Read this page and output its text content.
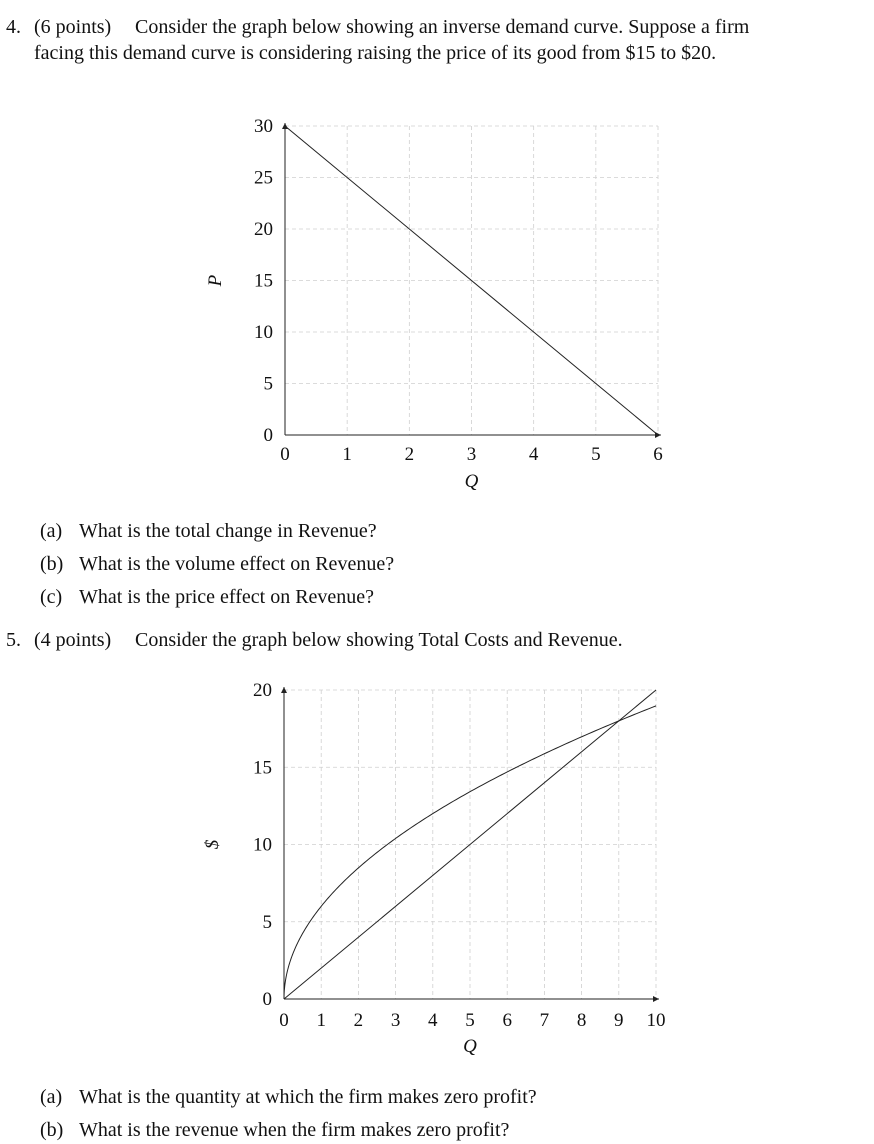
4. (6 points) Consider the graph below showing an inverse demand curve. Suppose a firm
facing this demand curve is considering raising the price of its good from $15 to $20.
0	1	2	3	4	5	6
0
5
10
15
20
25
30
Q
P
(a) What is the total change in Revenue?
(b) What is the volume effect on Revenue?
(c) What is the price effect on Revenue?
5. (4 points) Consider the graph below showing Total Costs and Revenue.
0 1 2 3 4 5 6 7 8 9 10
0
5
10
15
20
Q
$
(a) What is the quantity at which the firm makes zero profit?
(b) What is the revenue when the firm makes zero profit?
